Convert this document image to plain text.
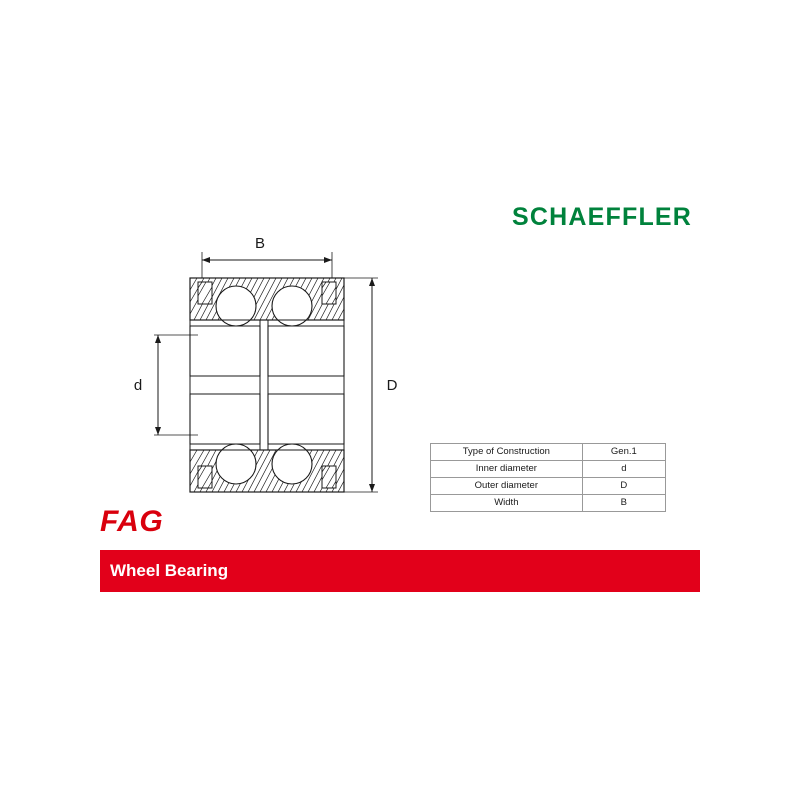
SCHAEFFLER
B
d	D
Type of Construction	Gen.1
Inner diameter	d
Outer diameter	D
Width	B
FAG
Wheel Bearing
